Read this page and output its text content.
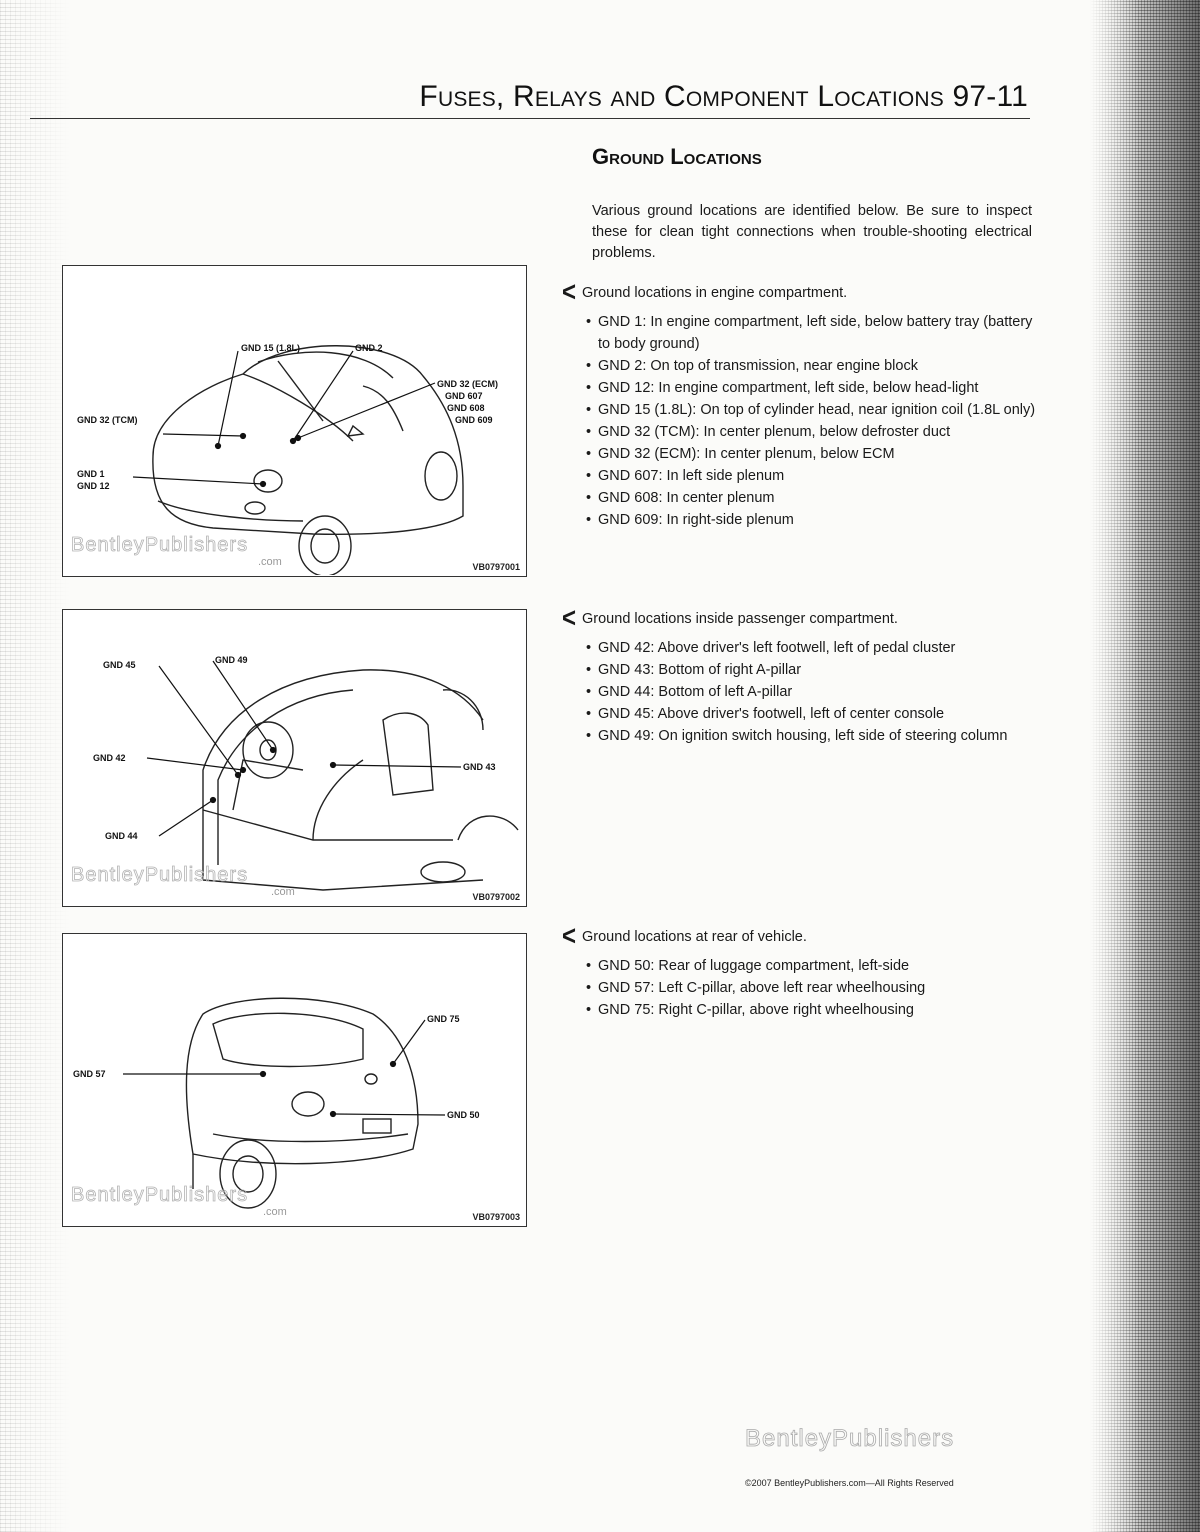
Fuses, Relays and Component Locations 97-11
Ground Locations

Various ground locations are identified below. Be sure to inspect these for clean tight connections when trouble-shooting electrical problems.

< Ground locations in engine compartment.
• GND 1: In engine compartment, left side, below battery tray (battery to body ground)
• GND 2: On top of transmission, near engine block
• GND 12: In engine compartment, left side, below head-light
• GND 15 (1.8L): On top of cylinder head, near ignition coil (1.8L only)
• GND 32 (TCM): In center plenum, below defroster duct
• GND 32 (ECM): In center plenum, below ECM
• GND 607: In left side plenum
• GND 608: In center plenum
• GND 609: In right-side plenum
< Ground locations inside passenger compartment.
• GND 42: Above driver's left footwell, left of pedal cluster
• GND 43: Bottom of right A-pillar
• GND 44: Bottom of left A-pillar
• GND 45: Above driver's footwell, left of center console
• GND 49: On ignition switch housing, left side of steering column
< Ground locations at rear of vehicle.
• GND 50: Rear of luggage compartment, left-side
• GND 57: Left C-pillar, above left rear wheelhousing
• GND 75: Right C-pillar, above right wheelhousing
GND 15 (1.8L)	GND 2
GND 32 (ECM)
GND 607
GND 608
GND 609
GND 32 (TCM)
GND 1
GND 12
BentleyPublishers
.com	VB0797001
GND 45	GND 49
GND 42
GND 43
GND 44
BentleyPublishers
.com	VB0797002
GND 75
GND 57
GND 50
BentleyPublishers
.com	VB0797003
BentleyPublishers
©2007 BentleyPublishers.com—All Rights Reserved
